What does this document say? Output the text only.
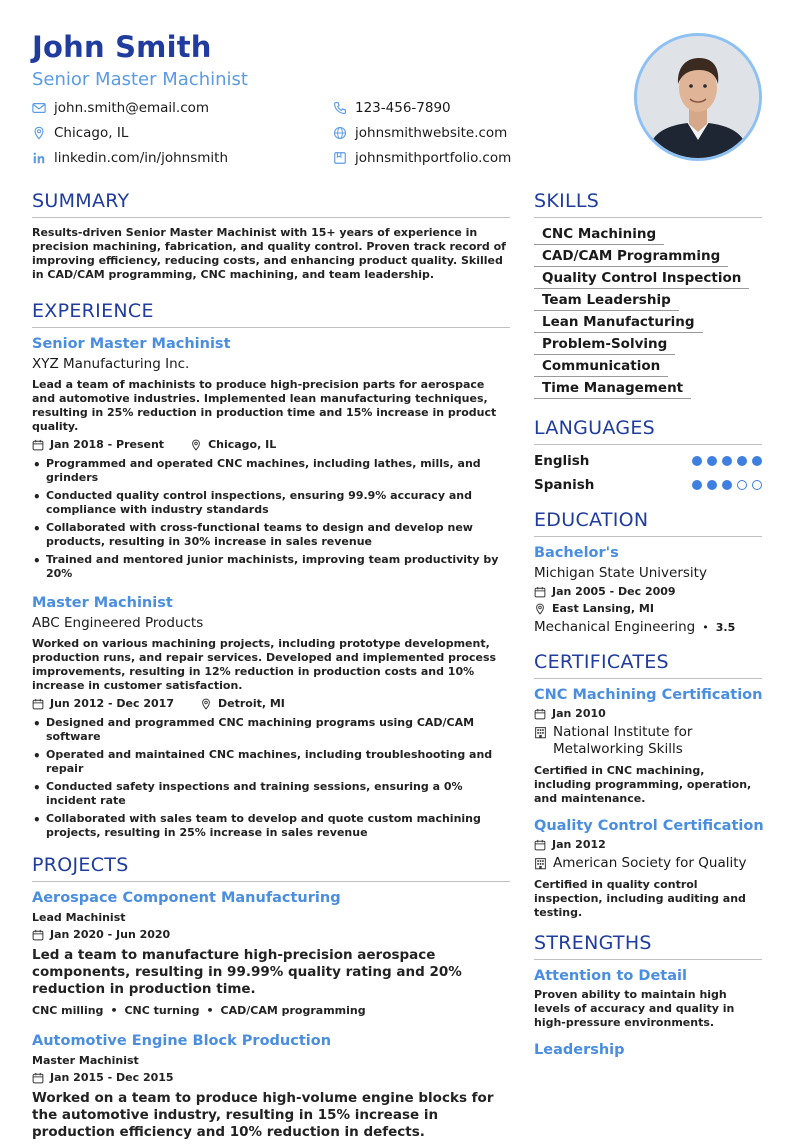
John Smith
Senior Master Machinist
john.smith@email.com
Chicago, IL
linkedin.com/in/johnsmith
123-456-7890
johnsmithwebsite.com
johnsmithportfolio.com
SUMMARY

Results-driven Senior Master Machinist with 15+ years of experience in precision machining, fabrication, and quality control. Proven track record of improving efficiency, reducing costs, and enhancing product quality. Skilled in CAD/CAM programming, CNC machining, and team leadership.

EXPERIENCE
Senior Master Machinist
XYZ Manufacturing Inc.

Lead a team of machinists to produce high-precision parts for aerospace and automotive industries. Implemented lean manufacturing techniques, resulting in 25% reduction in production time and 15% increase in product quality.

Jan 2018 - Present	Chicago, IL
• Programmed and operated CNC machines, including lathes, mills, and grinders
• Conducted quality control inspections, ensuring 99.9% accuracy and compliance with industry standards
• Collaborated with cross-functional teams to design and develop new products, resulting in 30% increase in sales revenue
• Trained and mentored junior machinists, improving team productivity by 20%
Master Machinist
ABC Engineered Products

Worked on various machining projects, including prototype development, production runs, and repair services. Developed and implemented process improvements, resulting in 12% reduction in production costs and 10% increase in customer satisfaction.

Jun 2012 - Dec 2017	Detroit, MI
• Designed and programmed CNC machining programs using CAD/CAM software
• Operated and maintained CNC machines, including troubleshooting and repair
• Conducted safety inspections and training sessions, ensuring a 0% incident rate
• Collaborated with sales team to develop and quote custom machining projects, resulting in 25% increase in sales revenue
PROJECTS
Aerospace Component Manufacturing
Lead Machinist
Jan 2020 - Jun 2020

Led a team to manufacture high-precision aerospace components, resulting in 99.99% quality rating and 20% reduction in production time.

CNC milling • CNC turning • CAD/CAM programming
Automotive Engine Block Production
Master Machinist
Jan 2015 - Dec 2015

Worked on a team to produce high-volume engine blocks for the automotive industry, resulting in 15% increase in production efficiency and 10% reduction in defects.

SKILLS
CNC Machining
CAD/CAM Programming
Quality Control Inspection
Team Leadership
Lean Manufacturing
Problem-Solving
Communication
Time Management
LANGUAGES
English
Spanish
EDUCATION
Bachelor's
Michigan State University
Jan 2005 - Dec 2009
East Lansing, MI
Mechanical Engineering • 3.5
CERTIFICATES
CNC Machining Certification
Jan 2010
National Institute for Metalworking Skills

Certified in CNC machining, including programming, operation, and maintenance.

Quality Control Certification
Jan 2012
American Society for Quality

Certified in quality control inspection, including auditing and testing.

STRENGTHS
Attention to Detail

Proven ability to maintain high levels of accuracy and quality in high-pressure environments.

Leadership
